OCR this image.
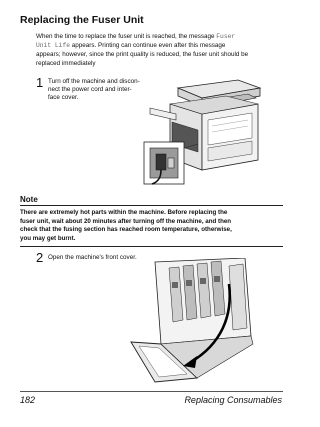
Replacing the Fuser Unit
When the time to replace the fuser unit is reached, the message Fuser
Unit Life appears. Printing can continue even after this message
appears; however, since the print quality is reduced, the fuser unit should be
replaced immediately
1 Turn off the machine and discon-
nect the power cord and inter-
face cover.
Note
There are extremely hot parts within the machine. Before replacing the
fuser unit, wait about 20 minutes after turning off the machine, and then
check that the fusing section has reached room temperature, otherwise,
you may get burnt.
2 Open the machine's front cover.
182	Replacing Consumables
